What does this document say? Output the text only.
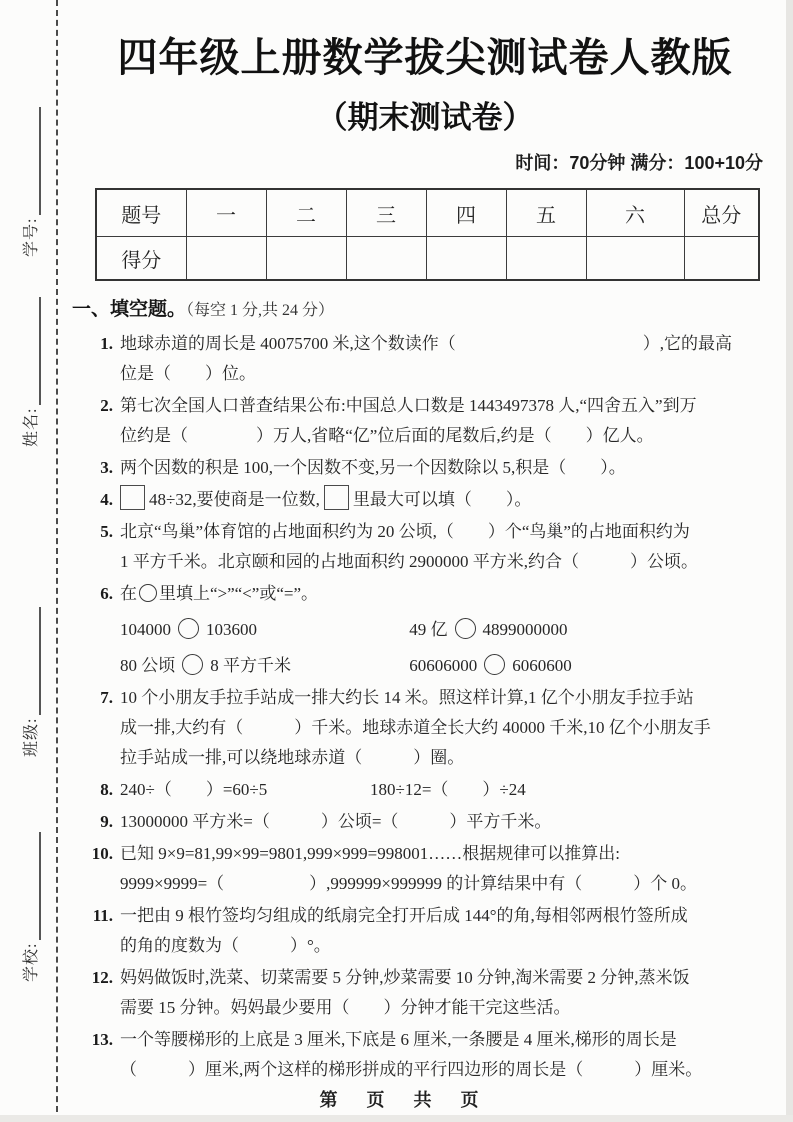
学号:
姓名:
班级:
学校:
四年级上册数学拔尖测试卷人教版
（期末测试卷）
时间：70分钟 满分：100+10分
题号	一	二	三	四	五	六	总分
得分							
一、填空题。（每空 1 分,共 24 分）
1. 地球赤道的周长是 40075700 米,这个数读作（　　　　　　　　　　　）,它的最高
位是（　　）位。
2. 第七次全国人口普查结果公布:中国总人口数是 1443497378 人,“四舍五入”到万
位约是（　　　　）万人,省略“亿”位后面的尾数后,约是（　　）亿人。
3. 两个因数的积是 100,一个因数不变,另一个因数除以 5,积是（　　）。
4.	48÷32,要使商是一位数, 里最大可以填（　　）。
5. 北京“鸟巢”体育馆的占地面积约为 20 公顷,（　　）个“鸟巢”的占地面积约为
1 平方千米。北京颐和园的占地面积约 2900000 平方米,约合（　　　）公顷。
6. 在 里填上“>”“<”或“=”。
104000 103600	49 亿 4899000000
80 公顷 8 平方千米	60606000 6060600
7. 10 个小朋友手拉手站成一排大约长 14 米。照这样计算,1 亿个小朋友手拉手站
成一排,大约有（　　　）千米。地球赤道全长大约 40000 千米,10 亿个小朋友手
拉手站成一排,可以绕地球赤道（　　　）圈。
8. 240÷（　　）=60÷5	180÷12=（　　）÷24
9. 13000000 平方米=（　　　）公顷=（　　　）平方千米。
10. 已知 9×9=81,99×99=9801,999×999=998001……根据规律可以推算出:
9999×9999=（　　　　　）,999999×999999 的计算结果中有（　　　）个 0。
11. 一把由 9 根竹签均匀组成的纸扇完全打开后成 144°的角,每相邻两根竹签所成
的角的度数为（　　　）°。
12. 妈妈做饭时,洗菜、切菜需要 5 分钟,炒菜需要 10 分钟,淘米需要 2 分钟,蒸米饭
需要 15 分钟。妈妈最少要用（　　）分钟才能干完这些活。
13. 一个等腰梯形的上底是 3 厘米,下底是 6 厘米,一条腰是 4 厘米,梯形的周长是
（　　　）厘米,两个这样的梯形拼成的平行四边形的周长是（　　　）厘米。
第 页 共 页
